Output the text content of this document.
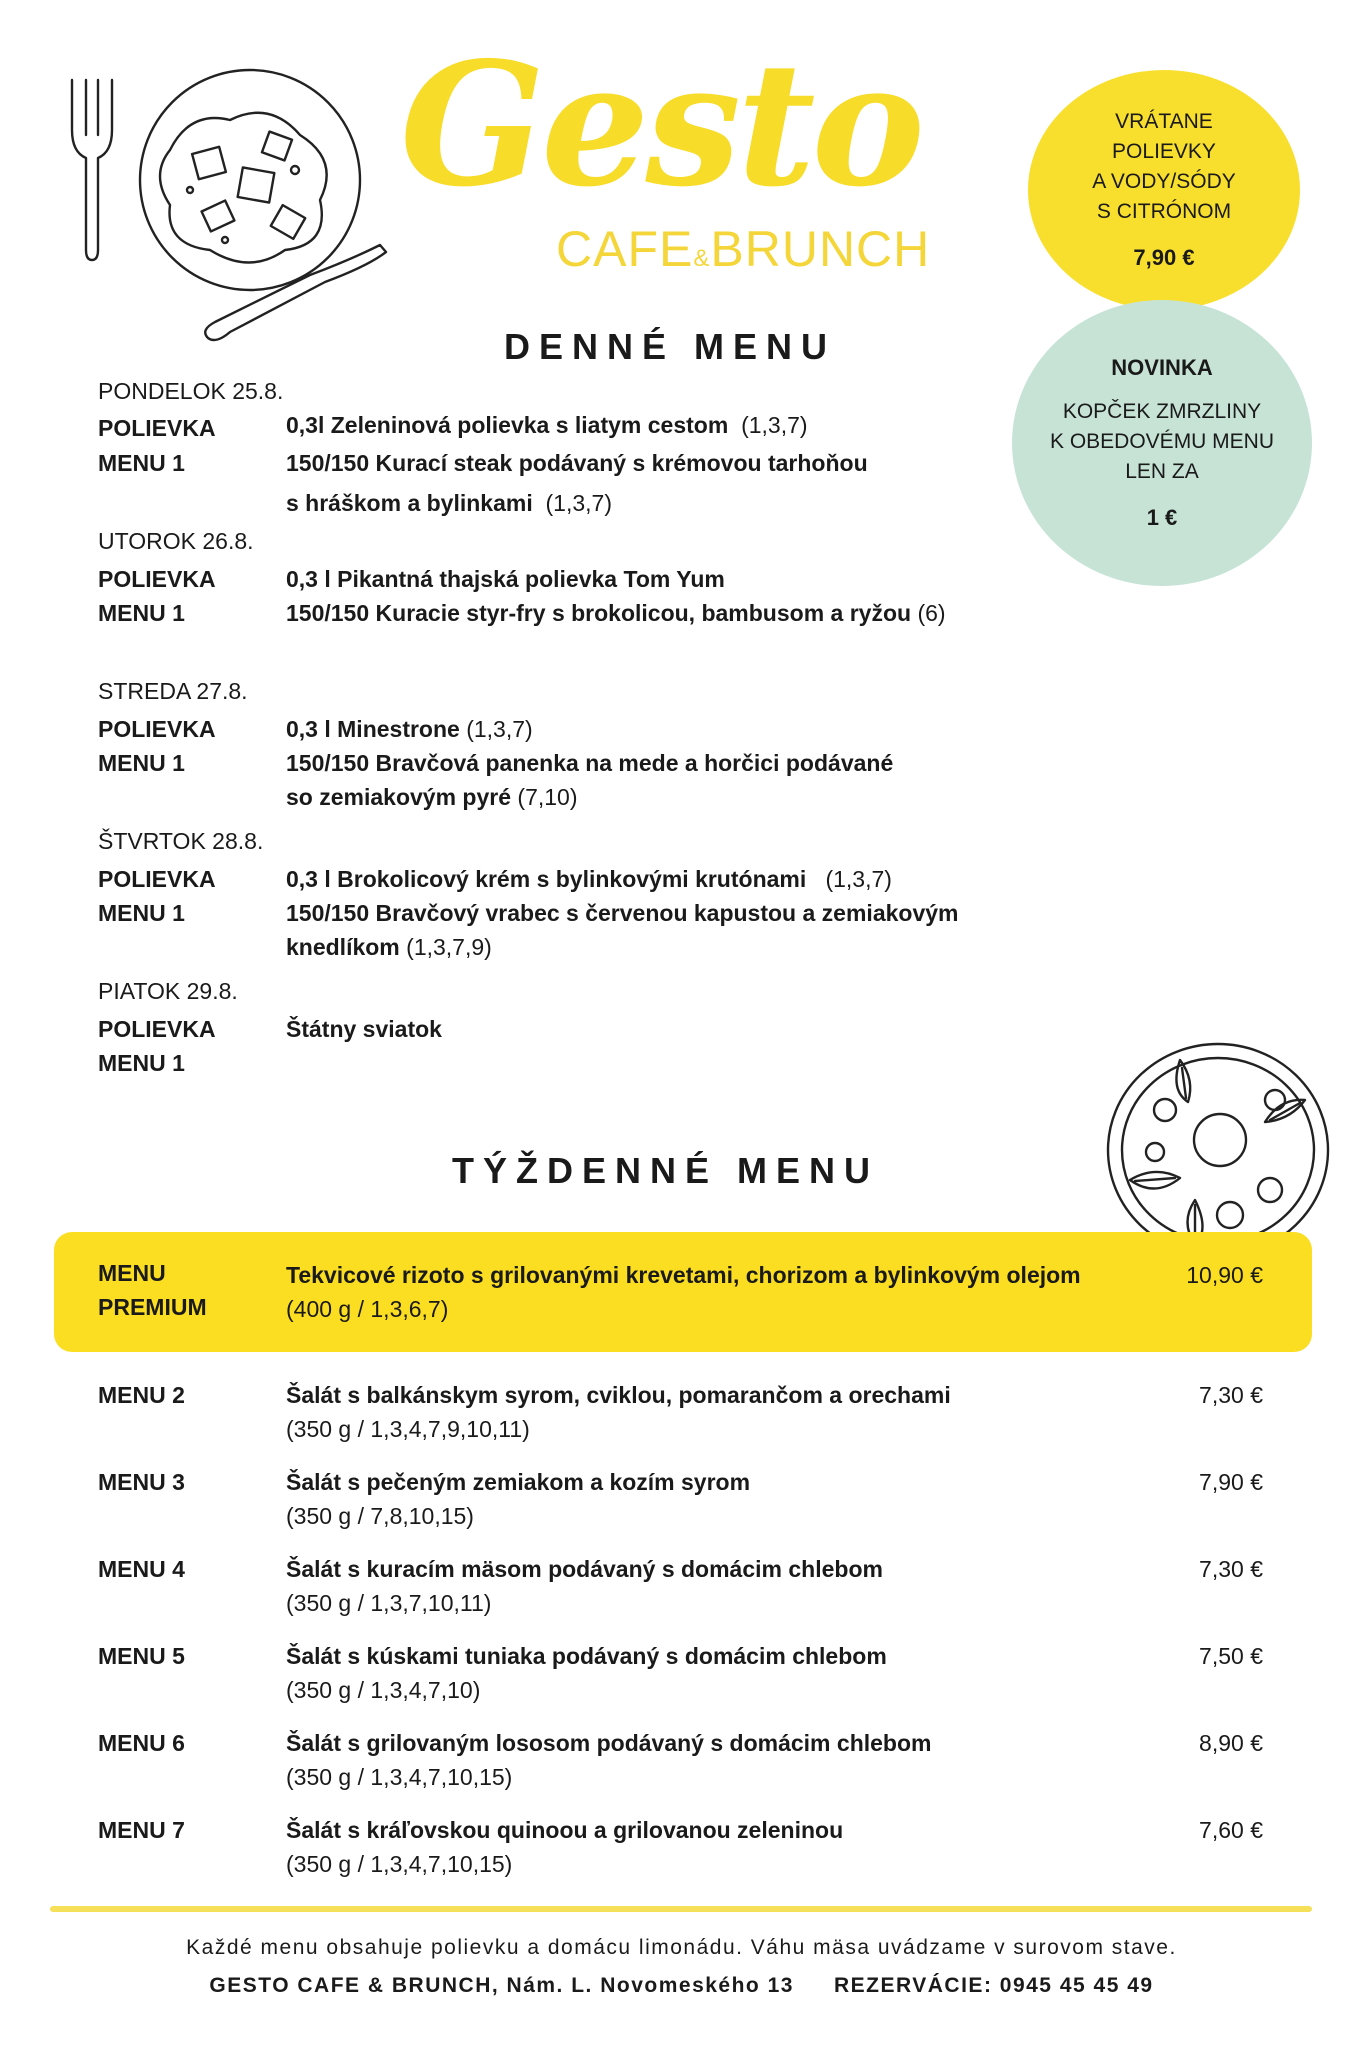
Gesto
CAFE&BRUNCH
VRÁTANE
POLIEVKY
A VODY/SÓDY
S CITRÓNOM
7,90 €
NOVINKA
KOPČEK ZMRZLINY
K OBEDOVÉMU MENU
LEN ZA
1 €
DENNÉ MENU
PONDELOK 25.8.
POLIEVKA	0,3l Zeleninová polievka s liatym cestom (1,3,7)
MENU 1	150/150 Kurací steak podávaný s krémovou tarhoňou
s hráškom a bylinkami (1,3,7)
UTOROK 26.8.
POLIEVKA	0,3 l Pikantná thajská polievka Tom Yum
MENU 1	150/150 Kuracie styr-fry s brokolicou, bambusom a ryžou (6)
STREDA 27.8.
POLIEVKA	0,3 l Minestrone (1,3,7)
MENU 1	150/150 Bravčová panenka na mede a horčici podávané
so zemiakovým pyré (7,10)
ŠTVRTOK 28.8.
POLIEVKA	0,3 l Brokolicový krém s bylinkovými krutónami (1,3,7)
MENU 1	150/150 Bravčový vrabec s červenou kapustou a zemiakovým
knedlíkom (1,3,7,9)
PIATOK 29.8.
POLIEVKA	Štátny sviatok
MENU 1
TÝŽDENNÉ MENU
MENU
PREMIUM
Tekvicové rizoto s grilovanými krevetami, chorizom a bylinkovým olejom
(400 g / 1,3,6,7)
10,90 €
MENU 2	Šalát s balkánskym syrom, cviklou, pomarančom a orechami
(350 g / 1,3,4,7,9,10,11)
7,30 €
MENU 3	Šalát s pečeným zemiakom a kozím syrom
(350 g / 7,8,10,15)
7,90 €
MENU 4	Šalát s kuracím mäsom podávaný s domácim chlebom
(350 g / 1,3,7,10,11)
7,30 €
MENU 5	Šalát s kúskami tuniaka podávaný s domácim chlebom
(350 g / 1,3,4,7,10)
7,50 €
MENU 6	Šalát s grilovaným lososom podávaný s domácim chlebom
(350 g / 1,3,4,7,10,15)
8,90 €
MENU 7	Šalát s kráľovskou quinoou a grilovanou zeleninou
(350 g / 1,3,4,7,10,15)
7,60 €
Každé menu obsahuje polievku a domácu limonádu. Váhu mäsa uvádzame v surovom stave.
GESTO CAFE & BRUNCH, Nám. L. Novomeského 13 REZERVÁCIE: 0945 45 45 49
